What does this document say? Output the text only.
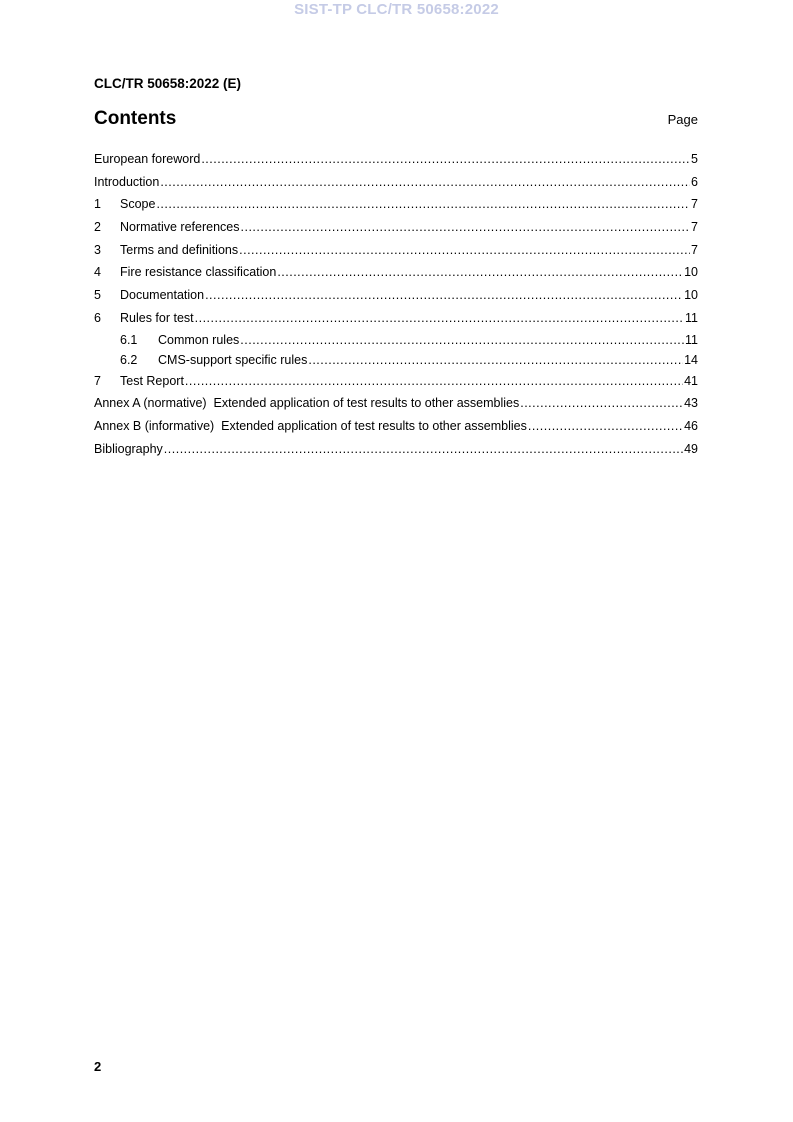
SIST-TP CLC/TR 50658:2022
CLC/TR 50658:2022 (E)
Contents	Page
European foreword .....	5
Introduction .....	6
1	Scope .....	7
2	Normative references .....	7
3	Terms and definitions .....	7
4	Fire resistance classification .....	10
5	Documentation .....	10
6	Rules for test .....	11
6.1	Common rules .....	11
6.2	CMS-support specific rules .....	14
7	Test Report .....	41
Annex A (normative)  Extended application of test results to other assemblies .....	43
Annex B (informative)  Extended application of test results to other assemblies .....	46
Bibliography .....	49
2
